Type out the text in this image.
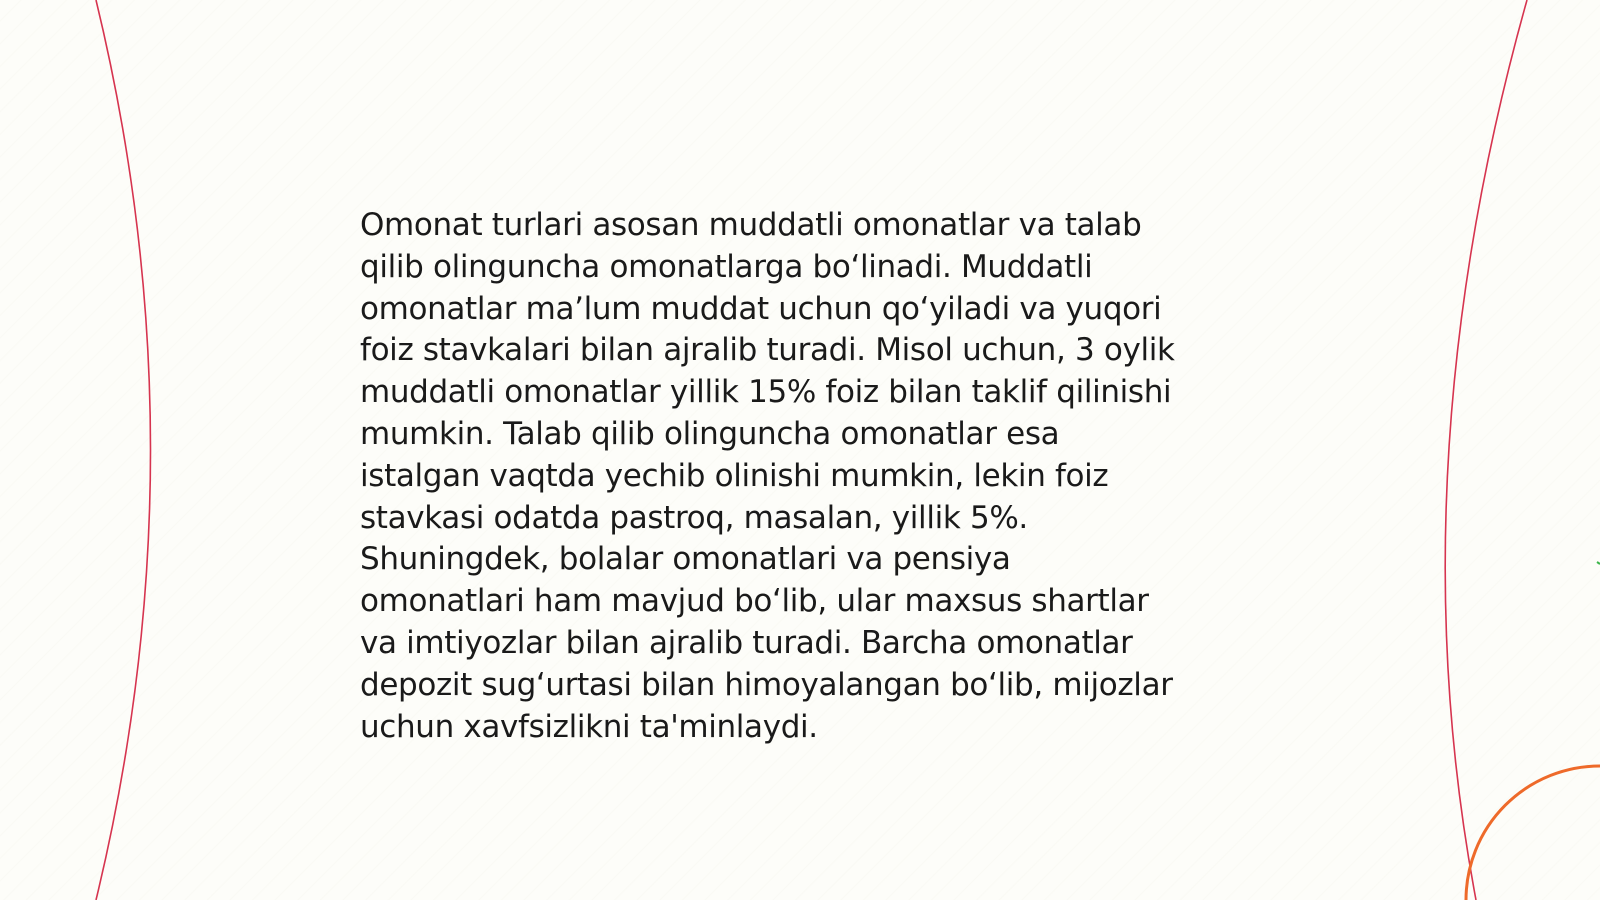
Omonat turlari asosan muddatli omonatlar va talab
qilib olinguncha omonatlarga bo‘linadi. Muddatli
omonatlar ma’lum muddat uchun qo‘yiladi va yuqori
foiz stavkalari bilan ajralib turadi. Misol uchun, 3 oylik
muddatli omonatlar yillik 15% foiz bilan taklif qilinishi
mumkin. Talab qilib olinguncha omonatlar esa
istalgan vaqtda yechib olinishi mumkin, lekin foiz
stavkasi odatda pastroq, masalan, yillik 5%.
Shuningdek, bolalar omonatlari va pensiya
omonatlari ham mavjud bo‘lib, ular maxsus shartlar
va imtiyozlar bilan ajralib turadi. Barcha omonatlar
depozit sug‘urtasi bilan himoyalangan bo‘lib, mijozlar
uchun xavfsizlikni ta'minlaydi.
